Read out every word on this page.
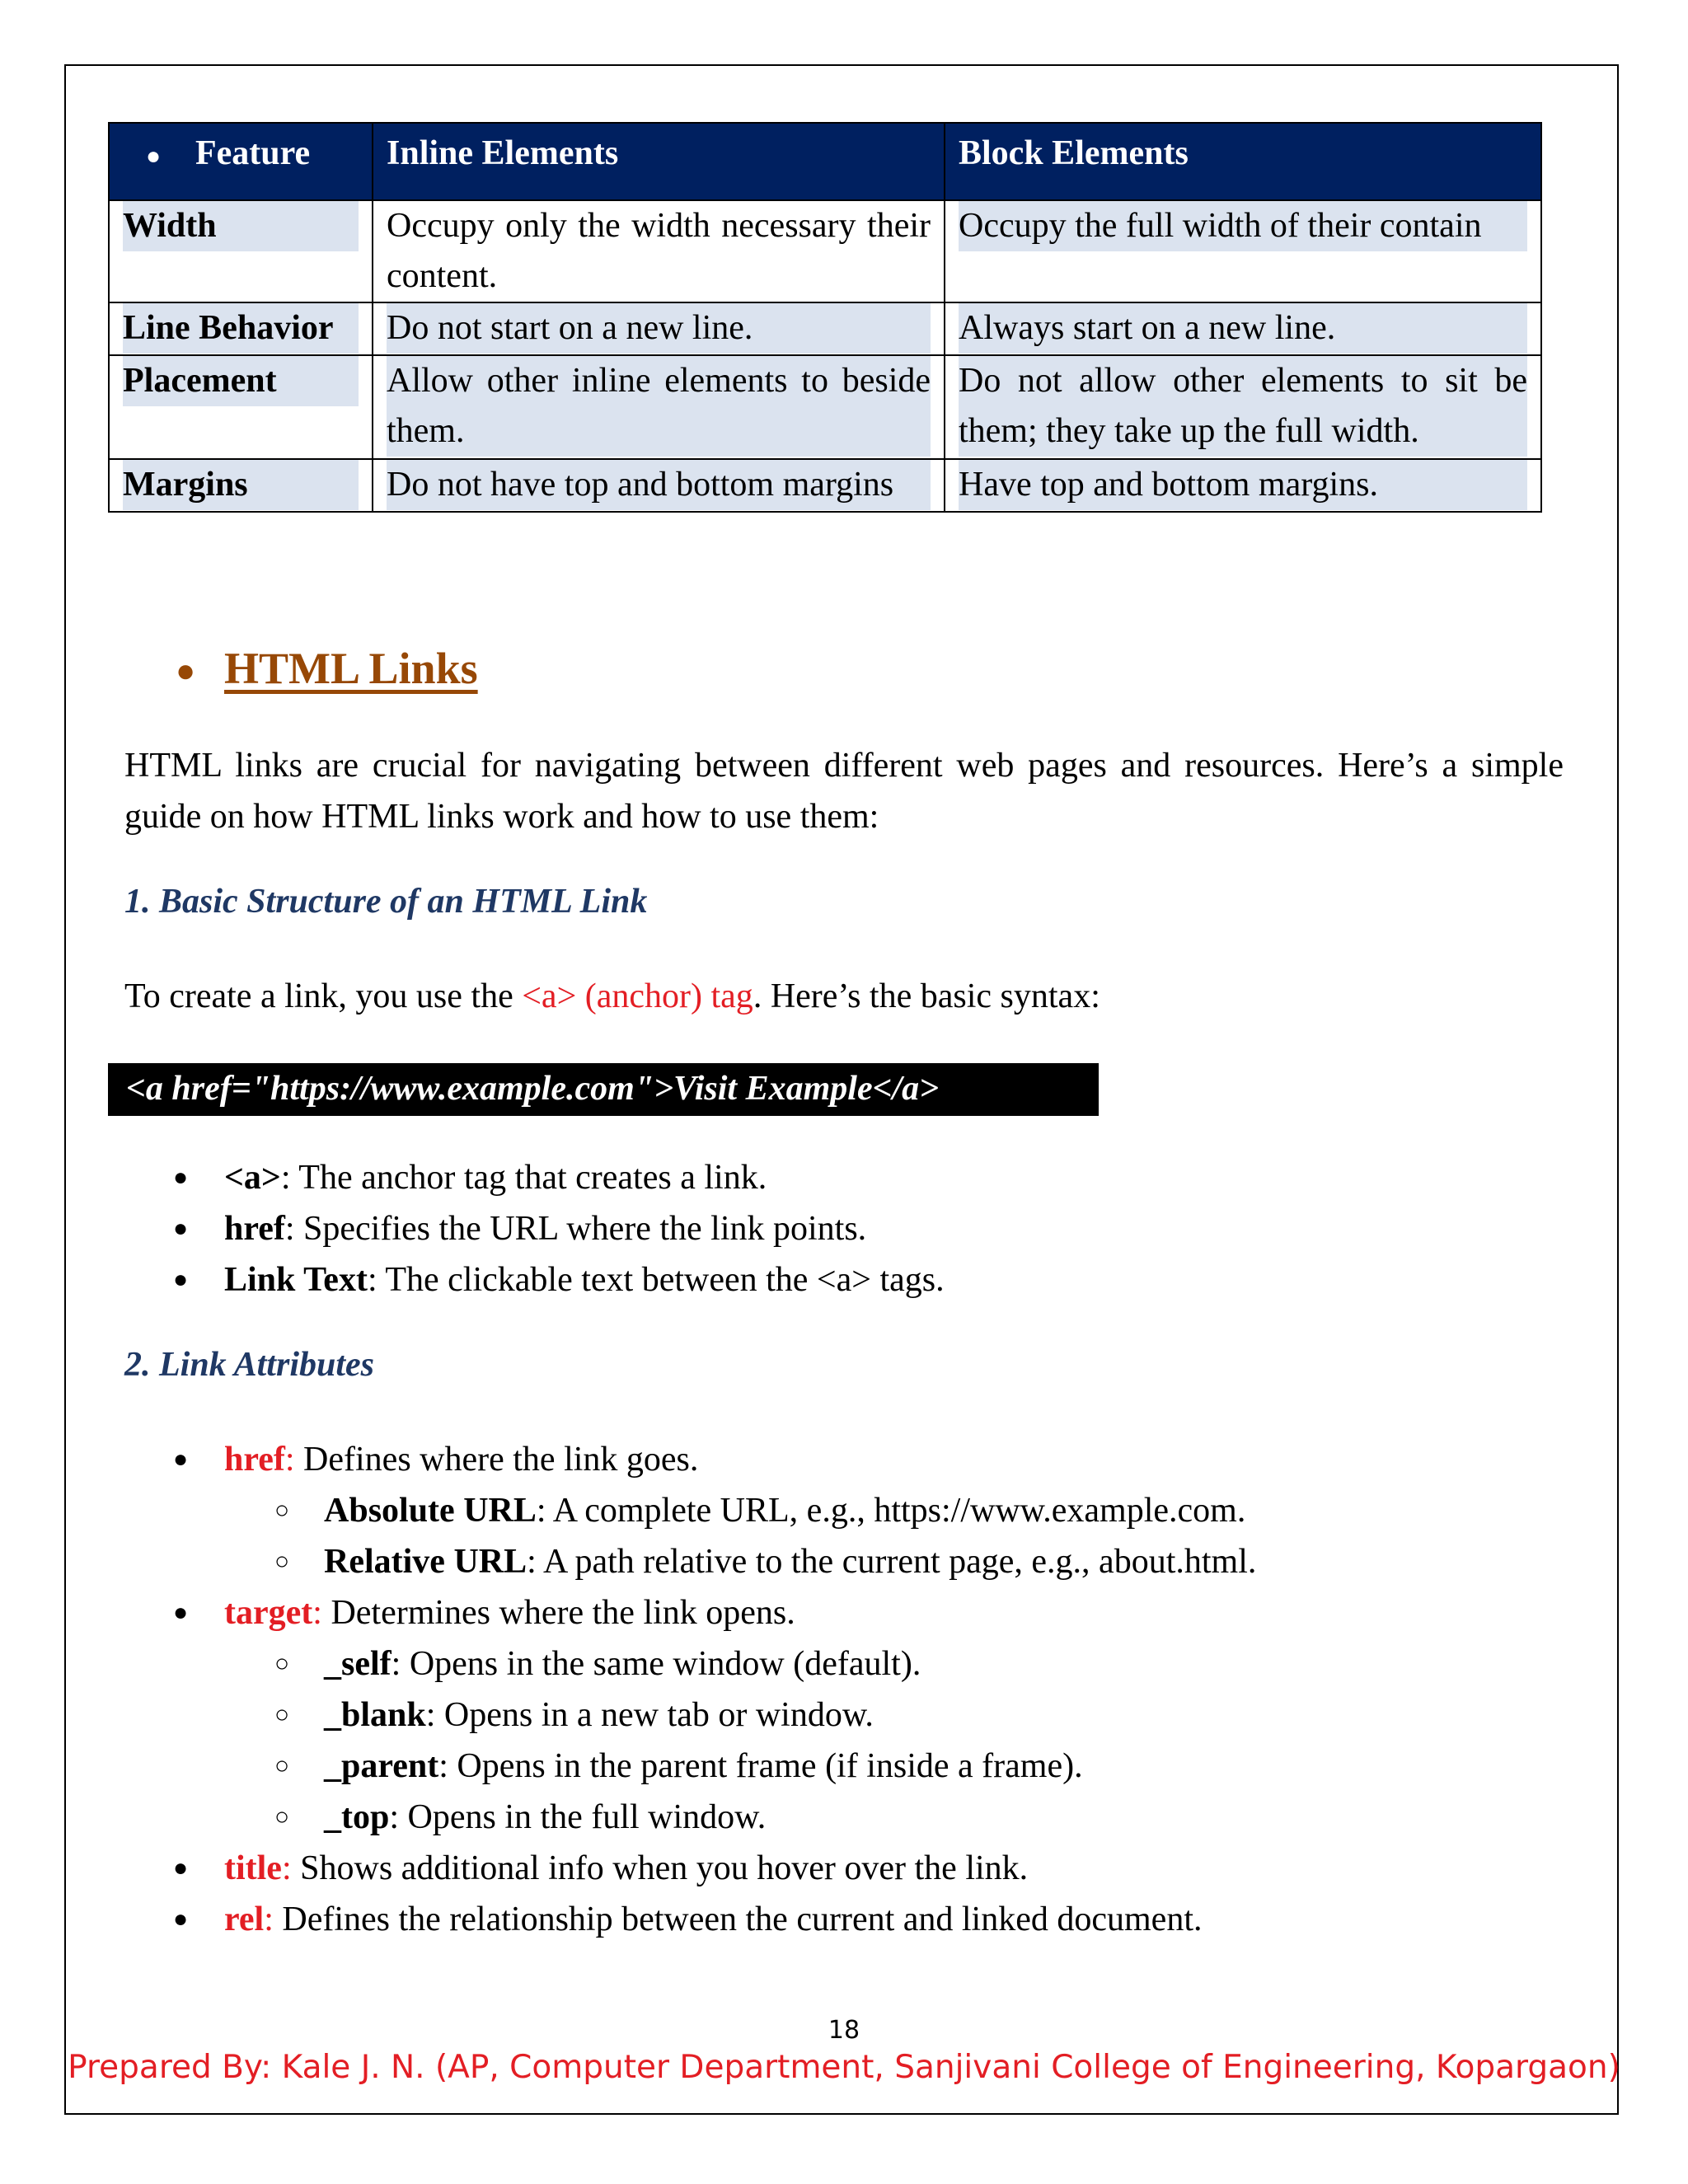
● Feature	Inline Elements	Block Elements

Width	Occupy only the width necessary their content.	Occupy the full width of their contain

Line Behavior	Do not start on a new line.	Always start on a new line.

Placement	Allow other inline elements to beside them.	Do not allow other elements to sit be them; they take up the full width.

Margins	Do not have top and bottom margins	Have top and bottom margins.
● HTML Links
HTML links are crucial for navigating between different web pages and resources. Here’s a simple guide on how HTML links work and how to use them:
1. Basic Structure of an HTML Link
To create a link, you use the <a> (anchor) tag. Here’s the basic syntax:
<a href="https://www.example.com">Visit Example</a>
● <a>: The anchor tag that creates a link.
● href: Specifies the URL where the link points.
● Link Text: The clickable text between the <a> tags.
2. Link Attributes
● href: Defines where the link goes.
○ Absolute URL: A complete URL, e.g., https://www.example.com.
○ Relative URL: A path relative to the current page, e.g., about.html.
● target: Determines where the link opens.
○ _self: Opens in the same window (default).
○ _blank: Opens in a new tab or window.
○ _parent: Opens in the parent frame (if inside a frame).
○ _top: Opens in the full window.
● title: Shows additional info when you hover over the link.
● rel: Defines the relationship between the current and linked document.
18
Prepared By: Kale J. N. (AP, Computer Department, Sanjivani College of Engineering, Kopargaon)
